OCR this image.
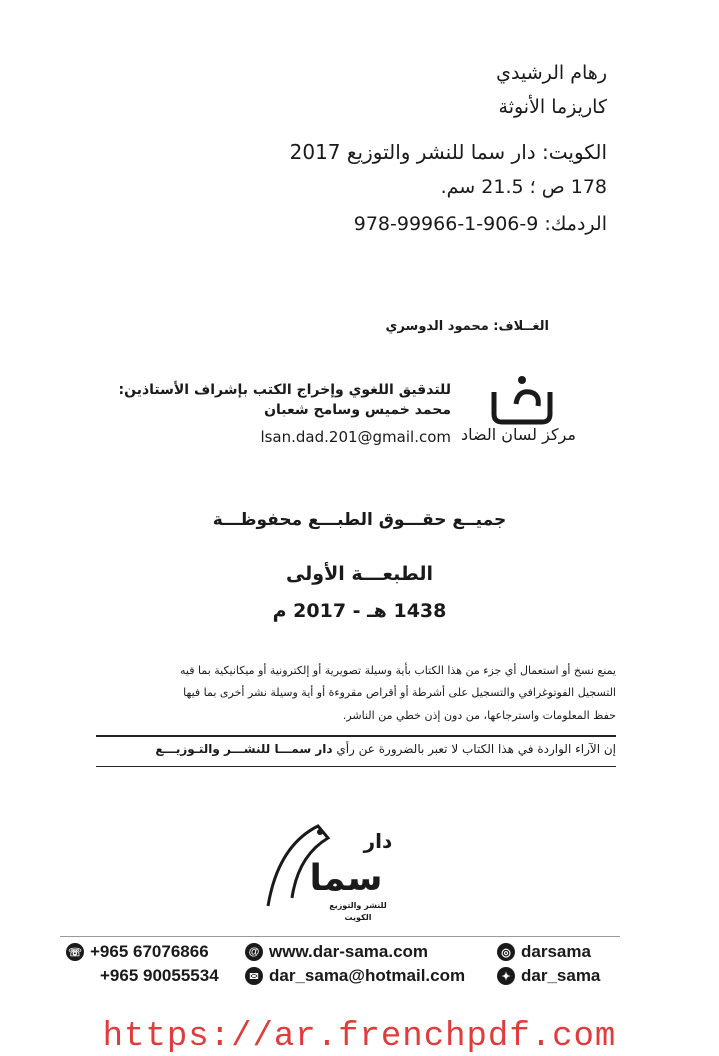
رهام الرشيدي
كاريزما الأنوثة
الكويت: دار سما للنشر والتوزيع 2017
178 ص ؛ 21.5 سم.
الردمك: 9-906-1-99966-978
الغــلاف: محمود الدوسري
مركز لسان الضاد
للتدقيق اللغوي وإخراج الكتب بإشراف الأستاذين:
محمد خميس وسامح شعبان
lsan.dad.201@gmail.com
جميــع حقـــوق الطبـــع محفوظـــة
الطبعـــة الأولى
1438 هـ - 2017 م
يمنع نسخ أو استعمال أي جزء من هذا الكتاب بأية وسيلة تصويرية أو إلكترونية أو ميكانيكية بما فيه
التسجيل الفوتوغرافي والتسجيل على أشرطة أو أقراص مقروءة أو أية وسيلة نشر أخرى بما فيها
حفظ المعلومات واسترجاعها، من دون إذن خطي من الناشر.
إن الآراء الواردة في هذا الكتاب لا تعبر بالضرورة عن رأي دار سمـــا للنشـــر والتـوزيـــع
دار
سما
للنشر والتوزيع
الكويت
☏ +965 67076866
+965 90055534
@ www.dar-sama.com
✉ dar_sama@hotmail.com
◎ darsama
✦ dar_sama
https://ar.frenchpdf.com
